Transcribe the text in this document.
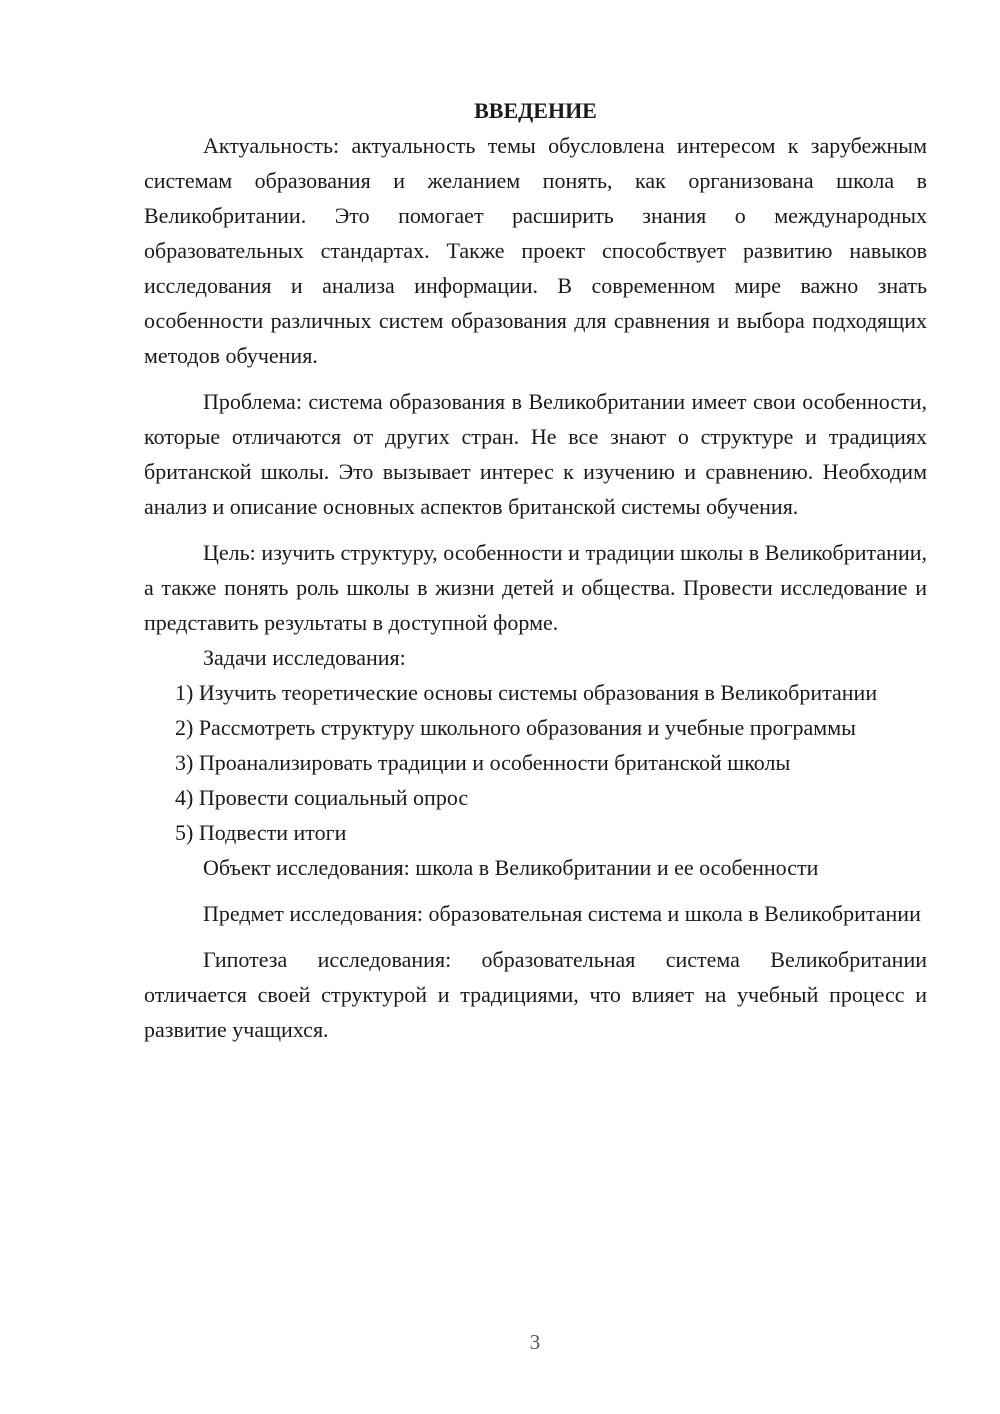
ВВЕДЕНИЕ

Актуальность: актуальность темы обусловлена интересом к зарубежным системам образования и желанием понять, как организована школа в Великобритании. Это помогает расширить знания о международных образовательных стандартах. Также проект способствует развитию навыков исследования и анализа информации. В современном мире важно знать особенности различных систем образования для сравнения и выбора подходящих методов обучения.

Проблема: система образования в Великобритании имеет свои особенности, которые отличаются от других стран. Не все знают о структуре и традициях британской школы. Это вызывает интерес к изучению и сравнению. Необходим анализ и описание основных аспектов британской системы обучения.

Цель: изучить структуру, особенности и традиции школы в Великобритании, а также понять роль школы в жизни детей и общества. Провести исследование и представить результаты в доступной форме.

Задачи исследования:

1) Изучить теоретические основы системы образования в Великобритании

2) Рассмотреть структуру школьного образования и учебные программы

3) Проанализировать традиции и особенности британской школы

4) Провести социальный опрос

5) Подвести итоги

Объект исследования: школа в Великобритании и ее особенности

Предмет исследования: образовательная система и школа в Великобритании

Гипотеза исследования: образовательная система Великобритании отличается своей структурой и традициями, что влияет на учебный процесс и развитие учащихся.

3
